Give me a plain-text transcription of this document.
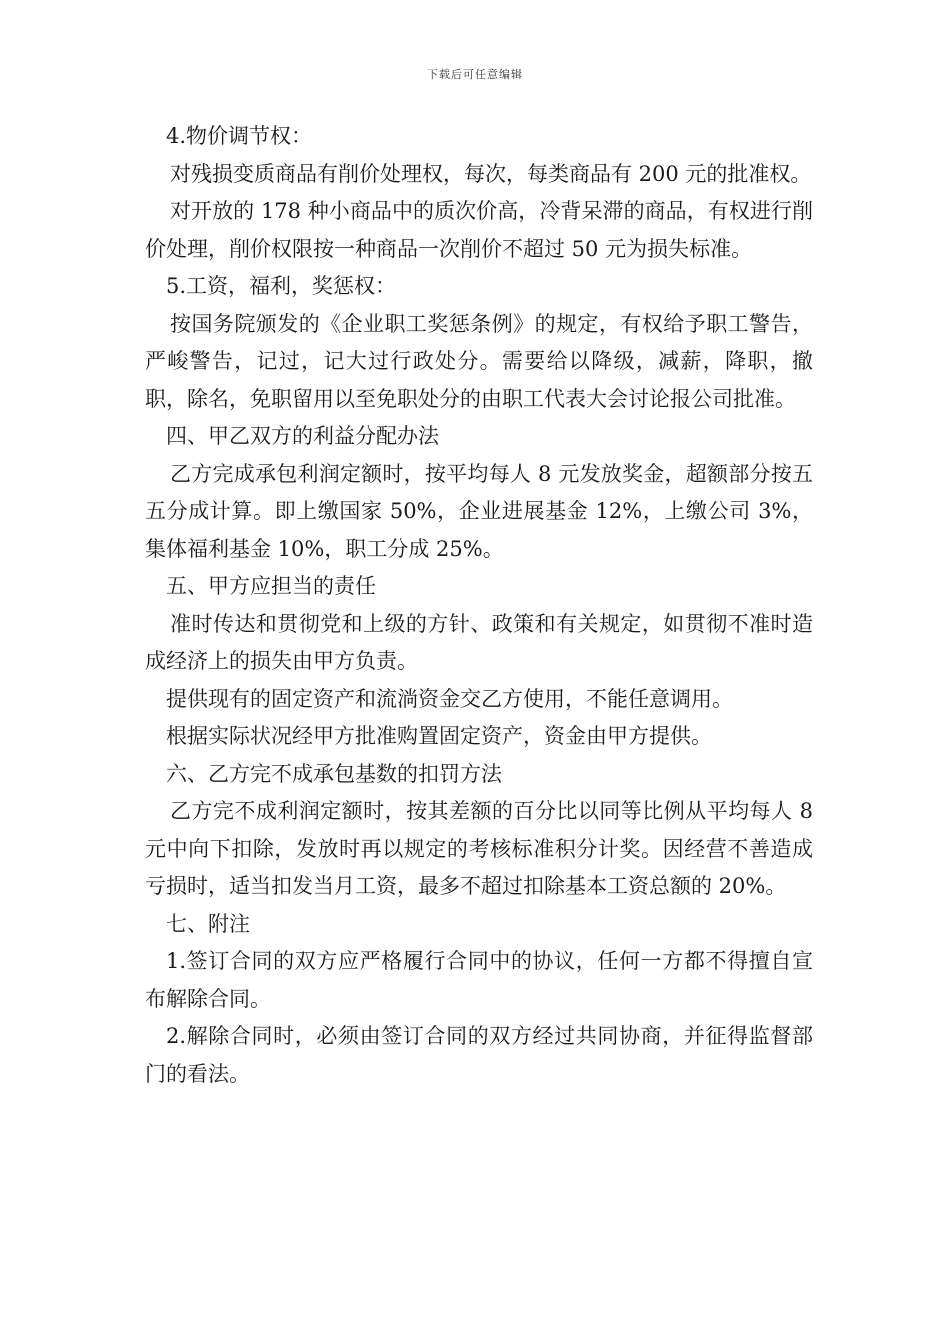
下载后可任意编辑

4.物价调节权：

对残损变质商品有削价处理权，每次，每类商品有 200 元的批准权。

对开放的 178 种小商品中的质次价高，冷背呆滞的商品，有权进行削价处理，削价权限按一种商品一次削价不超过 50 元为损失标准。

5.工资，福利，奖惩权：

按国务院颁发的《企业职工奖惩条例》的规定，有权给予职工警告，严峻警告，记过，记大过行政处分。需要给以降级，减薪，降职，撤职，除名，免职留用以至免职处分的由职工代表大会讨论报公司批准。

四、甲乙双方的利益分配办法

乙方完成承包利润定额时，按平均每人 8 元发放奖金，超额部分按五五分成计算。即上缴国家 50%，企业进展基金 12%，上缴公司 3%，集体福利基金 10%，职工分成 25%。

五、甲方应担当的责任

准时传达和贯彻党和上级的方针、政策和有关规定，如贯彻不准时造成经济上的损失由甲方负责。

提供现有的固定资产和流淌资金交乙方使用，不能任意调用。

根据实际状况经甲方批准购置固定资产，资金由甲方提供。

六、乙方完不成承包基数的扣罚方法

乙方完不成利润定额时，按其差额的百分比以同等比例从平均每人 8 元中向下扣除，发放时再以规定的考核标准积分计奖。因经营不善造成亏损时，适当扣发当月工资，最多不超过扣除基本工资总额的 20%。

七、附注

1.签订合同的双方应严格履行合同中的协议，任何一方都不得擅自宣布解除合同。

2.解除合同时，必须由签订合同的双方经过共同协商，并征得监督部门的看法。
